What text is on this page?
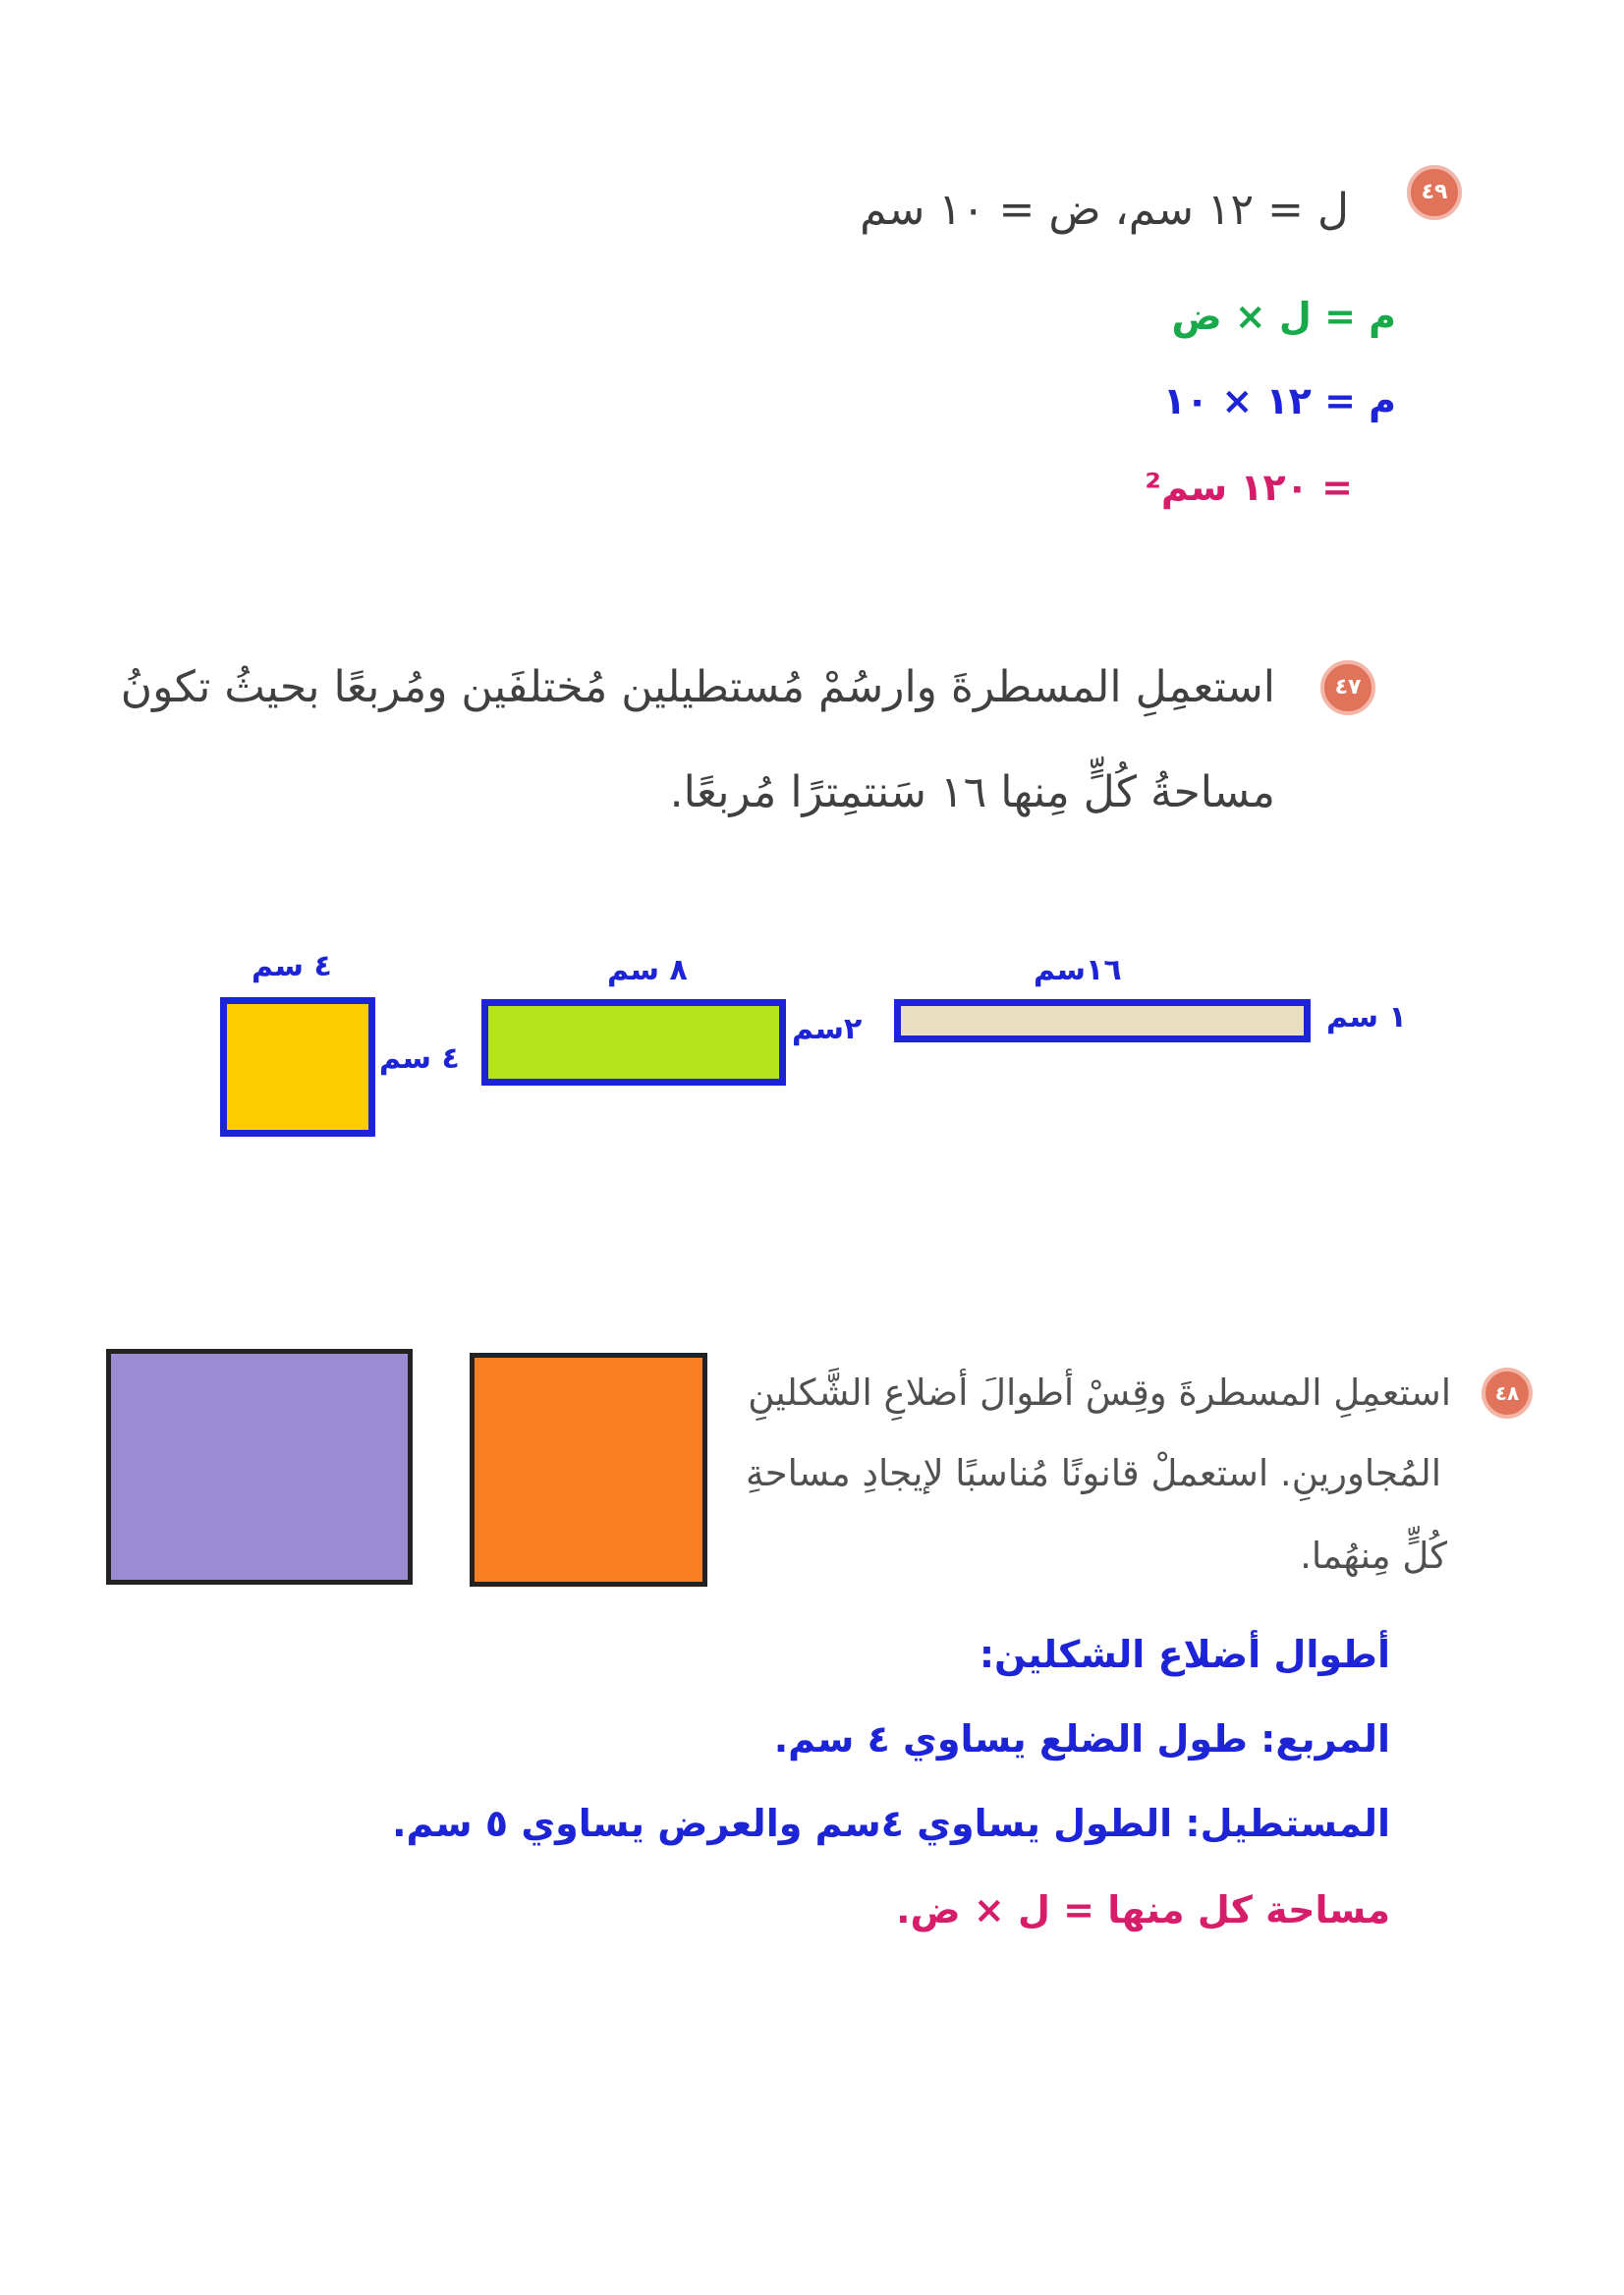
٤٩
ل = ١٢ سم، ض = ١٠ سم
م = ل × ض
م = ١٢ × ١٠
= ١٢٠ سم²
٤٧
استعمِلِ المسطرةَ وارسُمْ مُستطيلين مُختلفَين ومُربعًا بحيثُ تكونُ
مساحةُ كُلٍّ مِنها ١٦ سَنتمِترًا مُربعًا.
١٦سم
١ سم
٨ سم
٢سم
٤ سم
٤ سم
٤٨
استعمِلِ المسطرةَ وقِسْ أطوالَ أضلاعِ الشَّكلينِ
المُجاورينِ. استعملْ قانونًا مُناسبًا لإيجادِ مساحةِ
كُلٍّ مِنهُما.
أطوال أضلاع الشكلين:
المربع: طول الضلع يساوي ٤ سم.
المستطيل: الطول يساوي ٤سم والعرض يساوي ٥ سم.
مساحة كل منها = ل × ض.
